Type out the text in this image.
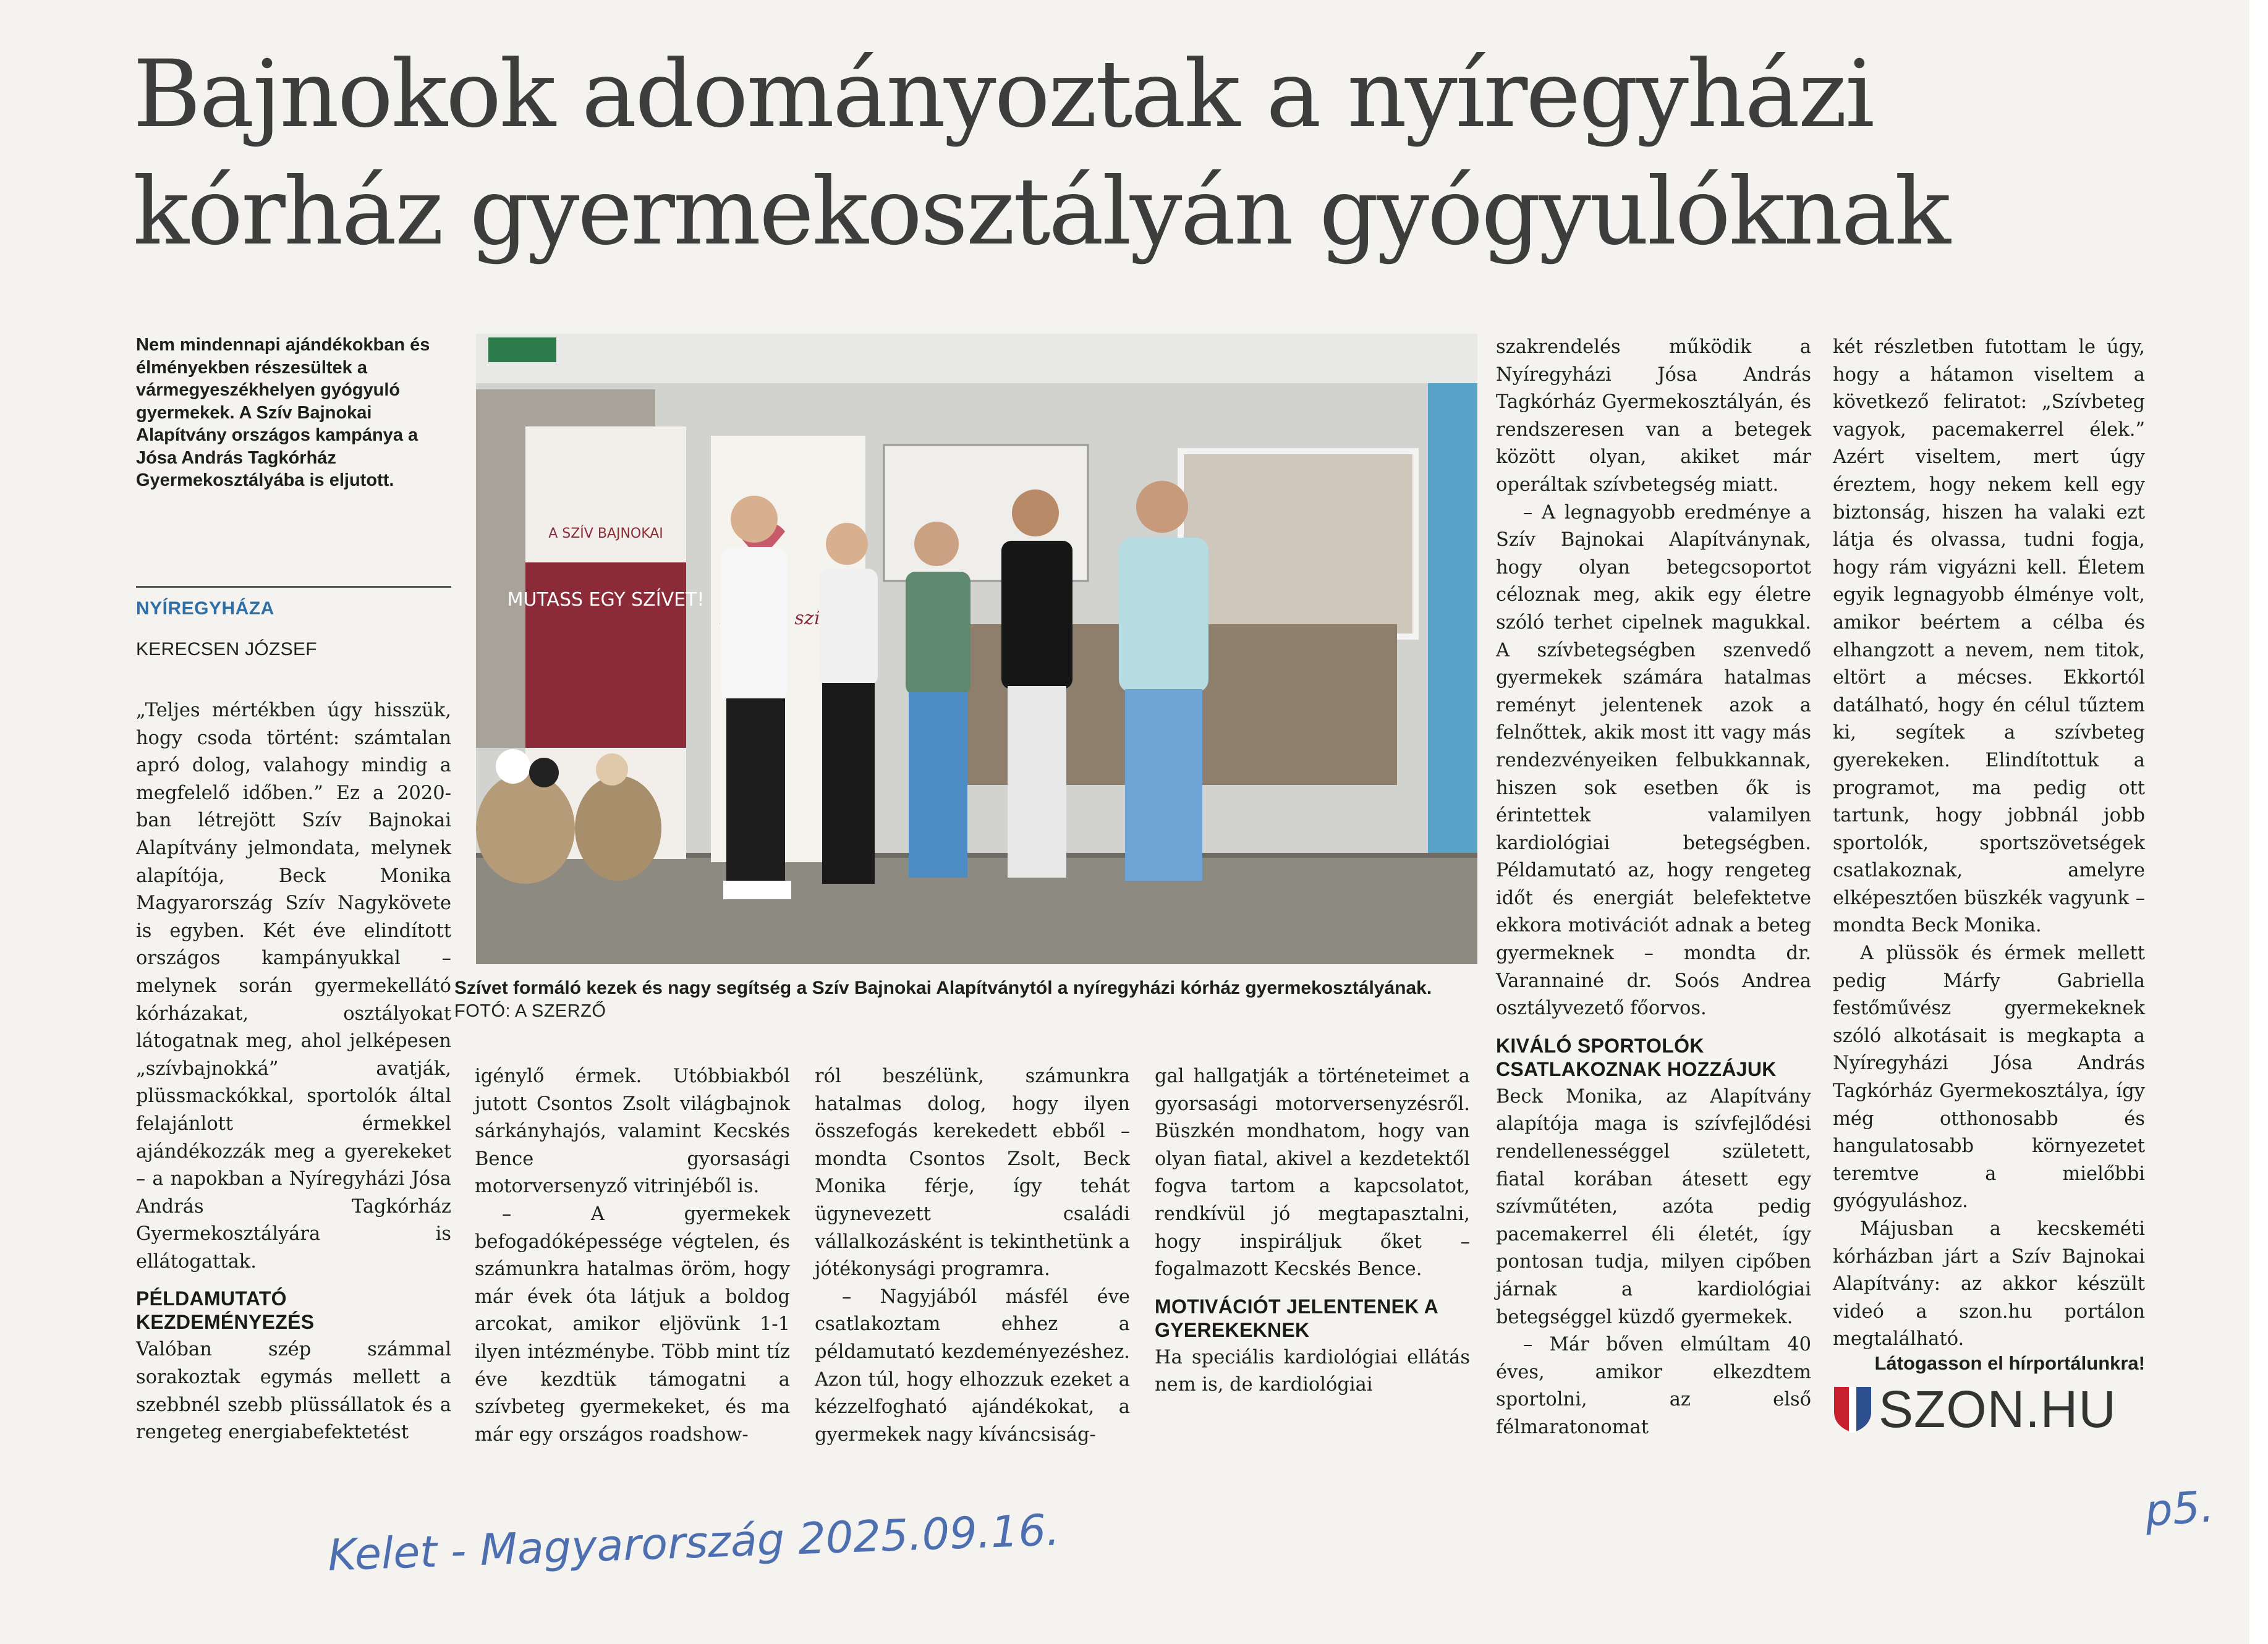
Bajnokok adományoztak a nyíregyházi
kórház gyermekosztályán gyógyulóknak
Nem mindennapi ajándékokban és élményekben részesültek a vármegyeszékhelyen gyógyuló gyermekek. A Szív Bajnokai Alapítvány országos kampánya a Jósa András Tagkórház Gyermekosztályába is eljutott.
NYÍREGYHÁZA
KERECSEN JÓZSEF
A SZÍV BAJNOKAI
MUTASS EGY SZÍVET!

Szívet formáló kezek és nagy segítség a Szív Bajnokai Alapítványtól a nyíregyházi kórház gyermekosztályának.

FOTÓ: A SZERZŐ

„Teljes mértékben úgy hisszük, hogy csoda történt: számtalan apró dolog, valahogy mindig a megfelelő időben.” Ez a 2020-ban létrejött Szív Bajnokai Alapítvány jelmondata, melynek alapítója, Beck Monika Magyarország Szív Nagykövete is egyben. Két éve elindított országos kampányukkal – melynek során gyermekellátó kórházakat, osztályokat látogatnak meg, ahol jelképesen „szívbajnokká” avatják, plüssmackókkal, sportolók által felajánlott érmekkel ajándékozzák meg a gyerekeket – a napokban a Nyíregyházi Jósa András Tagkórház Gyermekosztályára is ellátogattak.

PÉLDAMUTATÓ KEZDEMÉNYEZÉS

Valóban szép számmal sorakoztak egymás mellett a szebbnél szebb plüssállatok és a rengeteg energiabefektetést

igénylő érmek. Utóbbiakból jutott Csontos Zsolt világbajnok sárkányhajós, valamint Kecskés Bence gyorsasági motorversenyző vitrinjéből is.

– A gyermekek befogadóképessége végtelen, és számunkra hatalmas öröm, hogy már évek óta látjuk a boldog arcokat, amikor eljövünk 1-1 ilyen intézménybe. Több mint tíz éve kezdtük támogatni a szívbeteg gyermekeket, és ma már egy országos roadshow-

ról beszélünk, számunkra hatalmas dolog, hogy ilyen összefogás kerekedett ebből – mondta Csontos Zsolt, Beck Monika férje, így tehát ügynevezett családi vállalkozásként is tekinthetünk a jótékonysági programra.

– Nagyjából másfél éve csatlakoztam ehhez a példamutató kezdeményezéshez. Azon túl, hogy elhozzuk ezeket a kézzelfogható ajándékokat, a gyermekek nagy kíváncsiság-

gal hallgatják a történeteimet a gyorsasági motorversenyzésről. Büszkén mondhatom, hogy van olyan fiatal, akivel a kezdetektől fogva tartom a kapcsolatot, rendkívül jó megtapasztalni, hogy inspiráljuk őket – fogalmazott Kecskés Bence.

MOTIVÁCIÓT JELENTENEK A GYEREKEKNEK

Ha speciális kardiológiai ellátás nem is, de kardiológiai

szakrendelés működik a Nyíregyházi Jósa András Tagkórház Gyermekosztályán, és rendszeresen van a betegek között olyan, akiket már operáltak szívbetegség miatt.

– A legnagyobb eredménye a Szív Bajnokai Alapítványnak, hogy olyan betegcsoportot céloznak meg, akik egy életre szóló terhet cipelnek magukkal. A szívbetegségben szenvedő gyermekek számára hatalmas reményt jelentenek azok a felnőttek, akik most itt vagy más rendezvényeiken felbukkannak, hiszen sok esetben ők is érintettek valamilyen kardiológiai betegségben. Példamutató az, hogy rengeteg időt és energiát belefektetve ekkora motivációt adnak a beteg gyermeknek – mondta dr. Varannainé dr. Soós Andrea osztályvezető főorvos.

KIVÁLÓ SPORTOLÓK CSATLAKOZNAK HOZZÁJUK

Beck Monika, az Alapítvány alapítója maga is szívfejlődési rendellenességgel született, fiatal korában átesett egy szívműtéten, azóta pedig pacemakerrel éli életét, így pontosan tudja, milyen cipőben járnak a kardiológiai betegséggel küzdő gyermekek.

– Már bőven elmúltam 40 éves, amikor elkezdtem sportolni, az első félmaratonomat

két részletben futottam le úgy, hogy a hátamon viseltem a következő feliratot: „Szívbeteg vagyok, pacemakerrel élek.” Azért viseltem, mert úgy éreztem, hogy nekem kell egy biztonság, hiszen ha valaki ezt látja és olvassa, tudni fogja, hogy rám vigyázni kell. Életem egyik legnagyobb élménye volt, amikor beértem a célba és elhangzott a nevem, nem titok, eltört a mécses. Ekkortól datálható, hogy én célul tűztem ki, segítek a szívbeteg gyerekeken. Elindítottuk a programot, ma pedig ott tartunk, hogy jobbnál jobb sportolók, sportszövetségek csatlakoznak, amelyre elképesztően büszkék vagyunk – mondta Beck Monika.

A plüssök és érmek mellett pedig Márfy Gabriella festőművész gyermekeknek szóló alkotásait is megkapta a Nyíregyházi Jósa András Tagkórház Gyermekosztálya, így még otthonosabb és hangulatosabb környezetet teremtve a mielőbbi gyógyuláshoz.

Májusban a kecskeméti kórházban járt a Szív Bajnokai Alapítvány: az akkor készült videó a szon.hu portálon megtalálható.

Látogasson el hírportálunkra!
SZON.HU
Kelet - Magyarország 2025.09.16.	p5.
